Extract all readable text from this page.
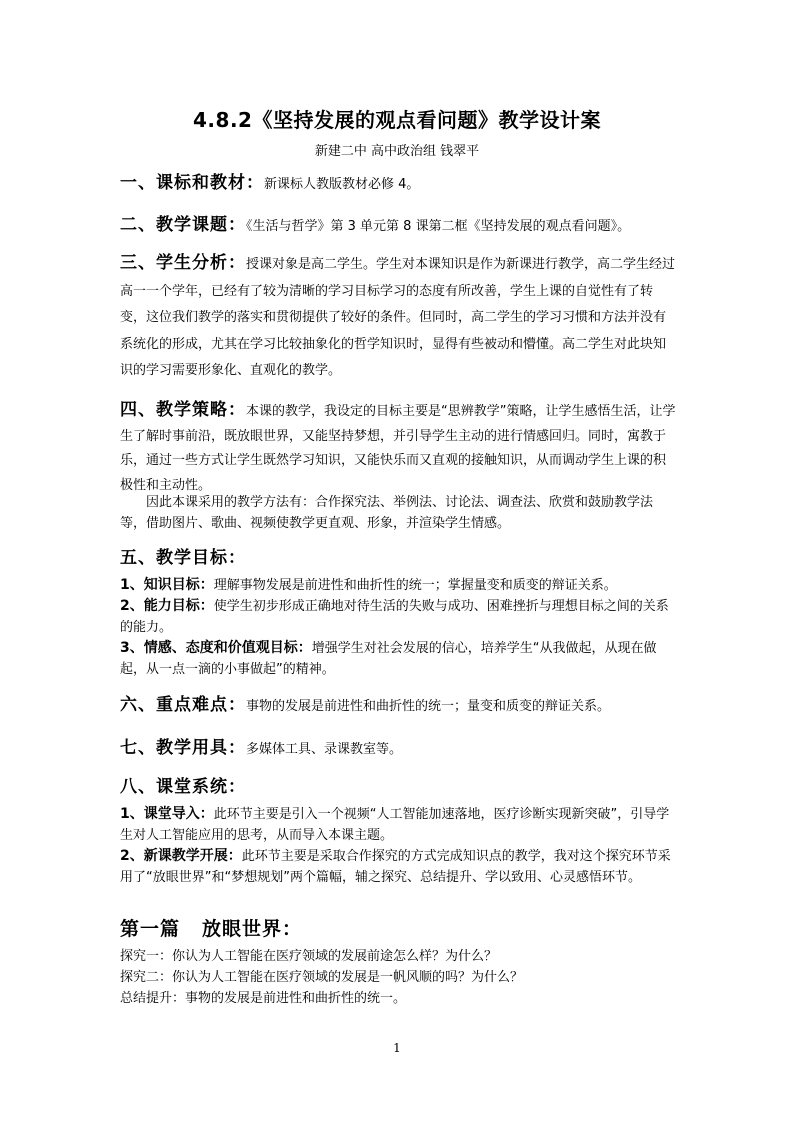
4.8.2《坚持发展的观点看问题》教学设计案
新建二中 高中政治组 钱翠平
一、课标和教材：新课标人教版教材必修 4。
二、教学课题：《生活与哲学》第 3 单元第 8 课第二框《坚持发展的观点看问题》。
三、学生分析：授课对象是高二学生。学生对本课知识是作为新课进行教学，高二学生经过高一一个学年，已经有了较为清晰的学习目标学习的态度有所改善，学生上课的自觉性有了转变，这位我们教学的落实和贯彻提供了较好的条件。但同时，高二学生的学习习惯和方法并没有系统化的形成，尤其在学习比较抽象化的哲学知识时，显得有些被动和懵懂。高二学生对此块知识的学习需要形象化、直观化的教学。
四、教学策略：本课的教学，我设定的目标主要是“思辨教学”策略，让学生感悟生活，让学生了解时事前沿，既放眼世界，又能坚持梦想，并引导学生主动的进行情感回归。同时，寓教于乐，通过一些方式让学生既然学习知识，又能快乐而又直观的接触知识，从而调动学生上课的积极性和主动性。
因此本课采用的教学方法有：合作探究法、举例法、讨论法、调查法、欣赏和鼓励教学法等，借助图片、歌曲、视频使教学更直观、形象，并渲染学生情感。
五、教学目标：
1、知识目标：理解事物发展是前进性和曲折性的统一；掌握量变和质变的辩证关系。
2、能力目标：使学生初步形成正确地对待生活的失败与成功、困难挫折与理想目标之间的关系的能力。
3、情感、态度和价值观目标：增强学生对社会发展的信心，培养学生“从我做起，从现在做起，从一点一滴的小事做起”的精神。
六、重点难点：事物的发展是前进性和曲折性的统一；量变和质变的辩证关系。
七、教学用具：多媒体工具、录课教室等。
八、课堂系统：
1、课堂导入：此环节主要是引入一个视频“人工智能加速落地，医疗诊断实现新突破”，引导学生对人工智能应用的思考，从而导入本课主题。
2、新课教学开展：此环节主要是采取合作探究的方式完成知识点的教学，我对这个探究环节采用了“放眼世界”和“梦想规划”两个篇幅，辅之探究、总结提升、学以致用、心灵感悟环节。
第一篇 放眼世界：
探究一：你认为人工智能在医疗领域的发展前途怎么样？为什么？
探究二：你认为人工智能在医疗领域的发展是一帆风顺的吗？为什么？
总结提升：事物的发展是前进性和曲折性的统一。
1
